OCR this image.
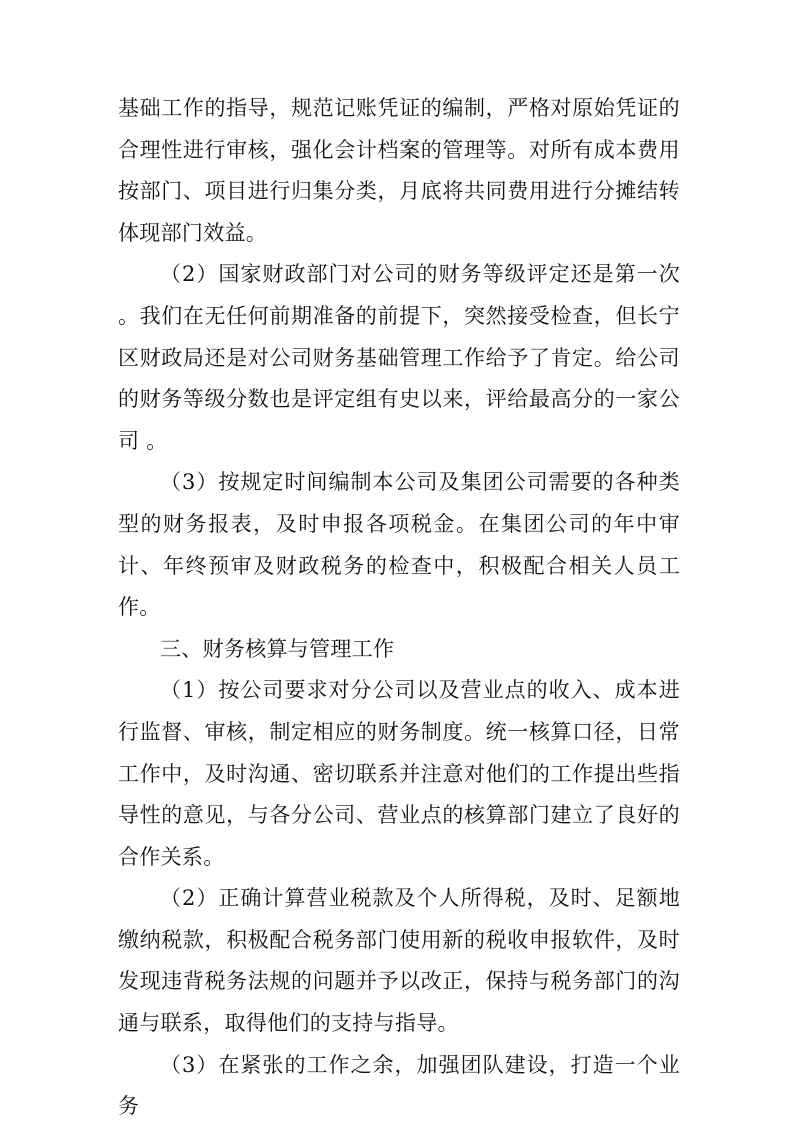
基础工作的指导，规范记账凭证的编制，严格对原始凭证的合理性进行审核，强化会计档案的管理等。对所有成本费用按部门、项目进行归集分类，月底将共同费用进行分摊结转体现部门效益。

（2）国家财政部门对公司的财务等级评定还是第一次 。我们在无任何前期准备的前提下，突然接受检查，但长宁区财政局还是对公司财务基础管理工作给予了肯定。给公司的财务等级分数也是评定组有史以来，评给最高分的一家公司 。

（3）按规定时间编制本公司及集团公司需要的各种类型的财务报表，及时申报各项税金。在集团公司的年中审计、年终预审及财政税务的检查中，积极配合相关人员工作。

三、财务核算与管理工作

（1）按公司要求对分公司以及营业点的收入、成本进行监督、审核，制定相应的财务制度。统一核算口径，日常工作中，及时沟通、密切联系并注意对他们的工作提出些指导性的意见，与各分公司、营业点的核算部门建立了良好的合作关系。

（2）正确计算营业税款及个人所得税，及时、足额地缴纳税款，积极配合税务部门使用新的税收申报软件，及时发现违背税务法规的问题并予以改正，保持与税务部门的沟通与联系，取得他们的支持与指导。

（3）在紧张的工作之余，加强团队建设，打造一个业务
